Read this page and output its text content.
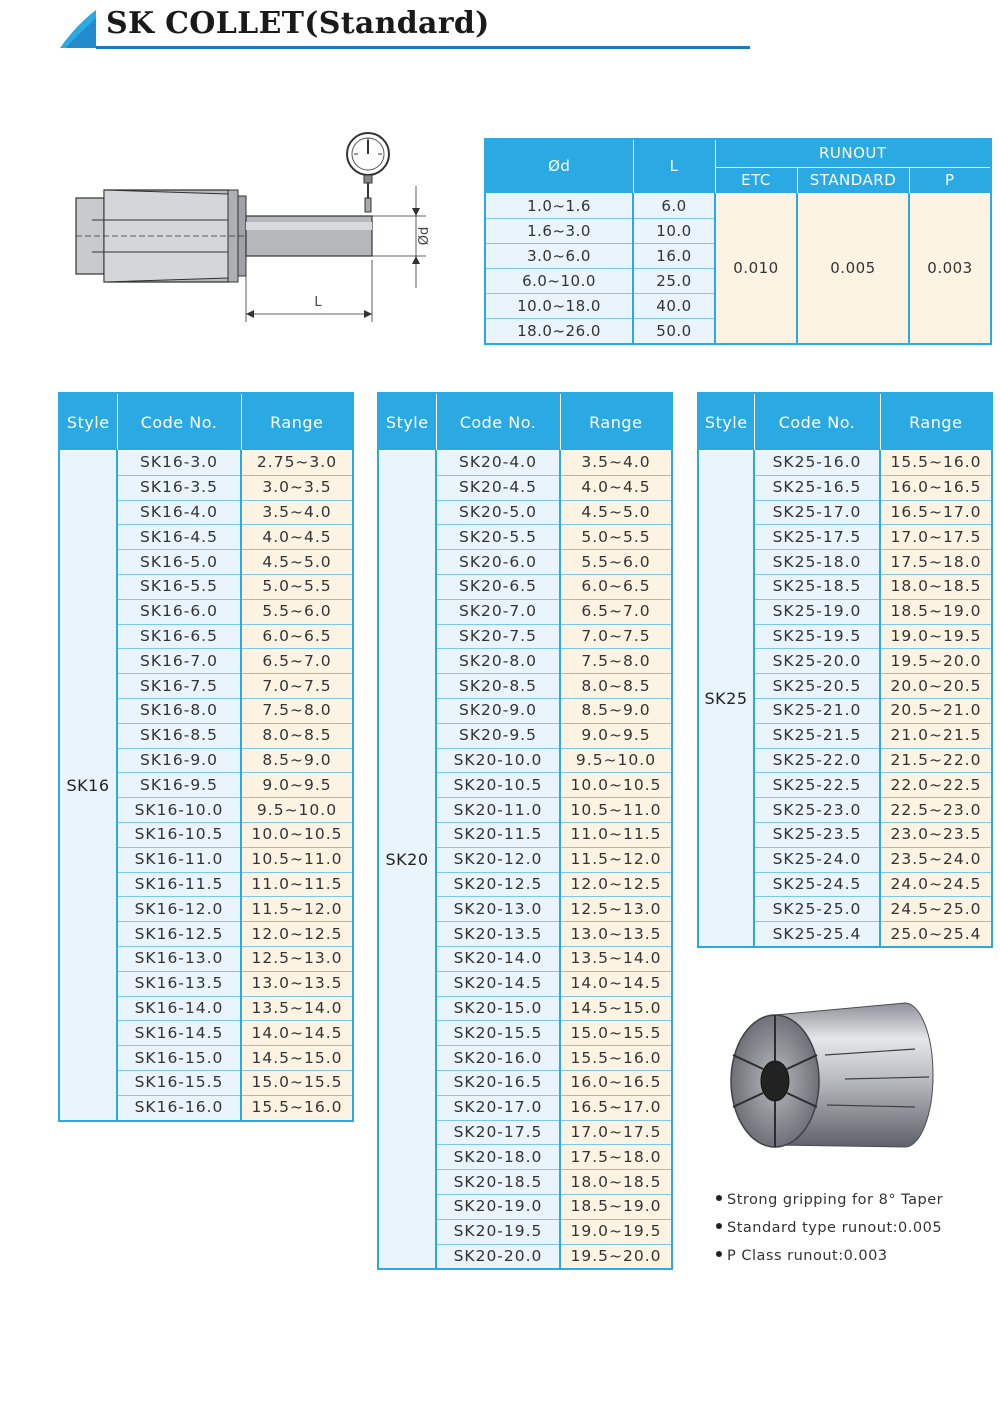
SK COLLET(Standard)
Ød
L
Ød	L	RUNOUT		
		ETC	STANDARD	P
1.0~1.6	6.0	0.010	0.005	0.003
1.6~3.0	10.0			
3.0~6.0	16.0			
6.0~10.0	25.0			
10.0~18.0	40.0			
18.0~26.0	50.0			
Style	Code No.	Range
SK16	SK16-3.0	2.75~3.0
	SK16-3.5	3.0~3.5
	SK16-4.0	3.5~4.0
	SK16-4.5	4.0~4.5
	SK16-5.0	4.5~5.0
	SK16-5.5	5.0~5.5
	SK16-6.0	5.5~6.0
	SK16-6.5	6.0~6.5
	SK16-7.0	6.5~7.0
	SK16-7.5	7.0~7.5
	SK16-8.0	7.5~8.0
	SK16-8.5	8.0~8.5
	SK16-9.0	8.5~9.0
	SK16-9.5	9.0~9.5
	SK16-10.0	9.5~10.0
	SK16-10.5	10.0~10.5
	SK16-11.0	10.5~11.0
	SK16-11.5	11.0~11.5
	SK16-12.0	11.5~12.0
	SK16-12.5	12.0~12.5
	SK16-13.0	12.5~13.0
	SK16-13.5	13.0~13.5
	SK16-14.0	13.5~14.0
	SK16-14.5	14.0~14.5
	SK16-15.0	14.5~15.0
	SK16-15.5	15.0~15.5
	SK16-16.0	15.5~16.0
Style	Code No.	Range
SK20	SK20-4.0	3.5~4.0
	SK20-4.5	4.0~4.5
	SK20-5.0	4.5~5.0
	SK20-5.5	5.0~5.5
	SK20-6.0	5.5~6.0
	SK20-6.5	6.0~6.5
	SK20-7.0	6.5~7.0
	SK20-7.5	7.0~7.5
	SK20-8.0	7.5~8.0
	SK20-8.5	8.0~8.5
	SK20-9.0	8.5~9.0
	SK20-9.5	9.0~9.5
	SK20-10.0	9.5~10.0
	SK20-10.5	10.0~10.5
	SK20-11.0	10.5~11.0
	SK20-11.5	11.0~11.5
	SK20-12.0	11.5~12.0
	SK20-12.5	12.0~12.5
	SK20-13.0	12.5~13.0
	SK20-13.5	13.0~13.5
	SK20-14.0	13.5~14.0
	SK20-14.5	14.0~14.5
	SK20-15.0	14.5~15.0
	SK20-15.5	15.0~15.5
	SK20-16.0	15.5~16.0
	SK20-16.5	16.0~16.5
	SK20-17.0	16.5~17.0
	SK20-17.5	17.0~17.5
	SK20-18.0	17.5~18.0
	SK20-18.5	18.0~18.5
	SK20-19.0	18.5~19.0
	SK20-19.5	19.0~19.5
	SK20-20.0	19.5~20.0
Style	Code No.	Range
SK25	SK25-16.0	15.5~16.0
	SK25-16.5	16.0~16.5
	SK25-17.0	16.5~17.0
	SK25-17.5	17.0~17.5
	SK25-18.0	17.5~18.0
	SK25-18.5	18.0~18.5
	SK25-19.0	18.5~19.0
	SK25-19.5	19.0~19.5
	SK25-20.0	19.5~20.0
	SK25-20.5	20.0~20.5
	SK25-21.0	20.5~21.0
	SK25-21.5	21.0~21.5
	SK25-22.0	21.5~22.0
	SK25-22.5	22.0~22.5
	SK25-23.0	22.5~23.0
	SK25-23.5	23.0~23.5
	SK25-24.0	23.5~24.0
	SK25-24.5	24.0~24.5
	SK25-25.0	24.5~25.0
	SK25-25.4	25.0~25.4
Strong gripping for 8° Taper
Standard type runout:0.005
P Class runout:0.003
